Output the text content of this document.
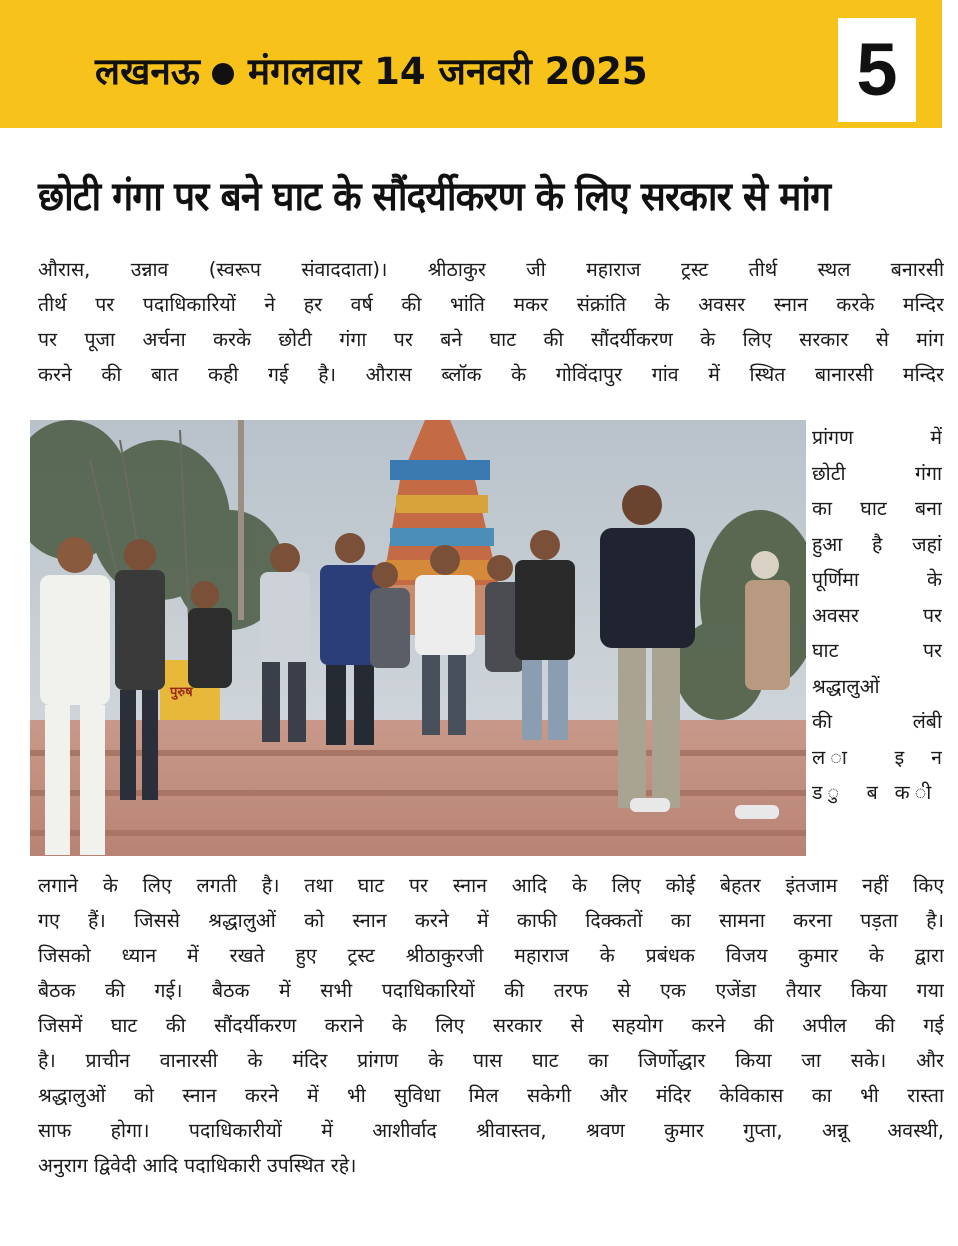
लखनऊ मंगलवार 14 जनवरी 2025	5
छोटी गंगा पर बने घाट के सौंदर्यीकरण के लिए सरकार से मांग
औरास, उन्नाव (स्वरूप संवाददाता)। श्रीठाकुर जी महाराज ट्रस्ट तीर्थ स्थल बनारसी
तीर्थ पर पदाधिकारियों ने हर वर्ष की भांति मकर संक्रांति के अवसर स्नान करके मन्दिर
पर पूजा अर्चना करके छोटी गंगा पर बने घाट की सौंदर्यीकरण के लिए सरकार से मांग
करने की बात कही गई है। औरास ब्लॉक के गोविंदापुर गांव में स्थित बानारसी मन्दिर
पुरुष
प्रांगण में
छोटी गंगा
का घाट बना
हुआ है जहां
पूर्णिमा के
अवसर पर
घाट पर
श्रद्धालुओं
की लंबी
ल ा इ न
ड ु ब क ी
लगाने के लिए लगती है। तथा घाट पर स्नान आदि के लिए कोई बेहतर इंतजाम नहीं किए
गए हैं। जिससे श्रद्धालुओं को स्नान करने में काफी दिक्कतों का सामना करना पड़ता है।
जिसको ध्यान में रखते हुए ट्रस्ट श्रीठाकुरजी महाराज के प्रबंधक विजय कुमार के द्वारा
बैठक की गई। बैठक में सभी पदाधिकारियों की तरफ से एक एजेंडा तैयार किया गया
जिसमें घाट की सौंदर्यीकरण कराने के लिए सरकार से सहयोग करने की अपील की गई
है। प्राचीन वानारसी के मंदिर प्रांगण के पास घाट का जिर्णोद्धार किया जा सके। और
श्रद्धालुओं को स्नान करने में भी सुविधा मिल सकेगी और मंदिर केविकास का भी रास्ता
साफ होगा। पदाधिकारीयों में आशीर्वाद श्रीवास्तव, श्रवण कुमार गुप्ता, अन्नू अवस्थी,
अनुराग द्विवेदी आदि पदाधिकारी उपस्थित रहे।
